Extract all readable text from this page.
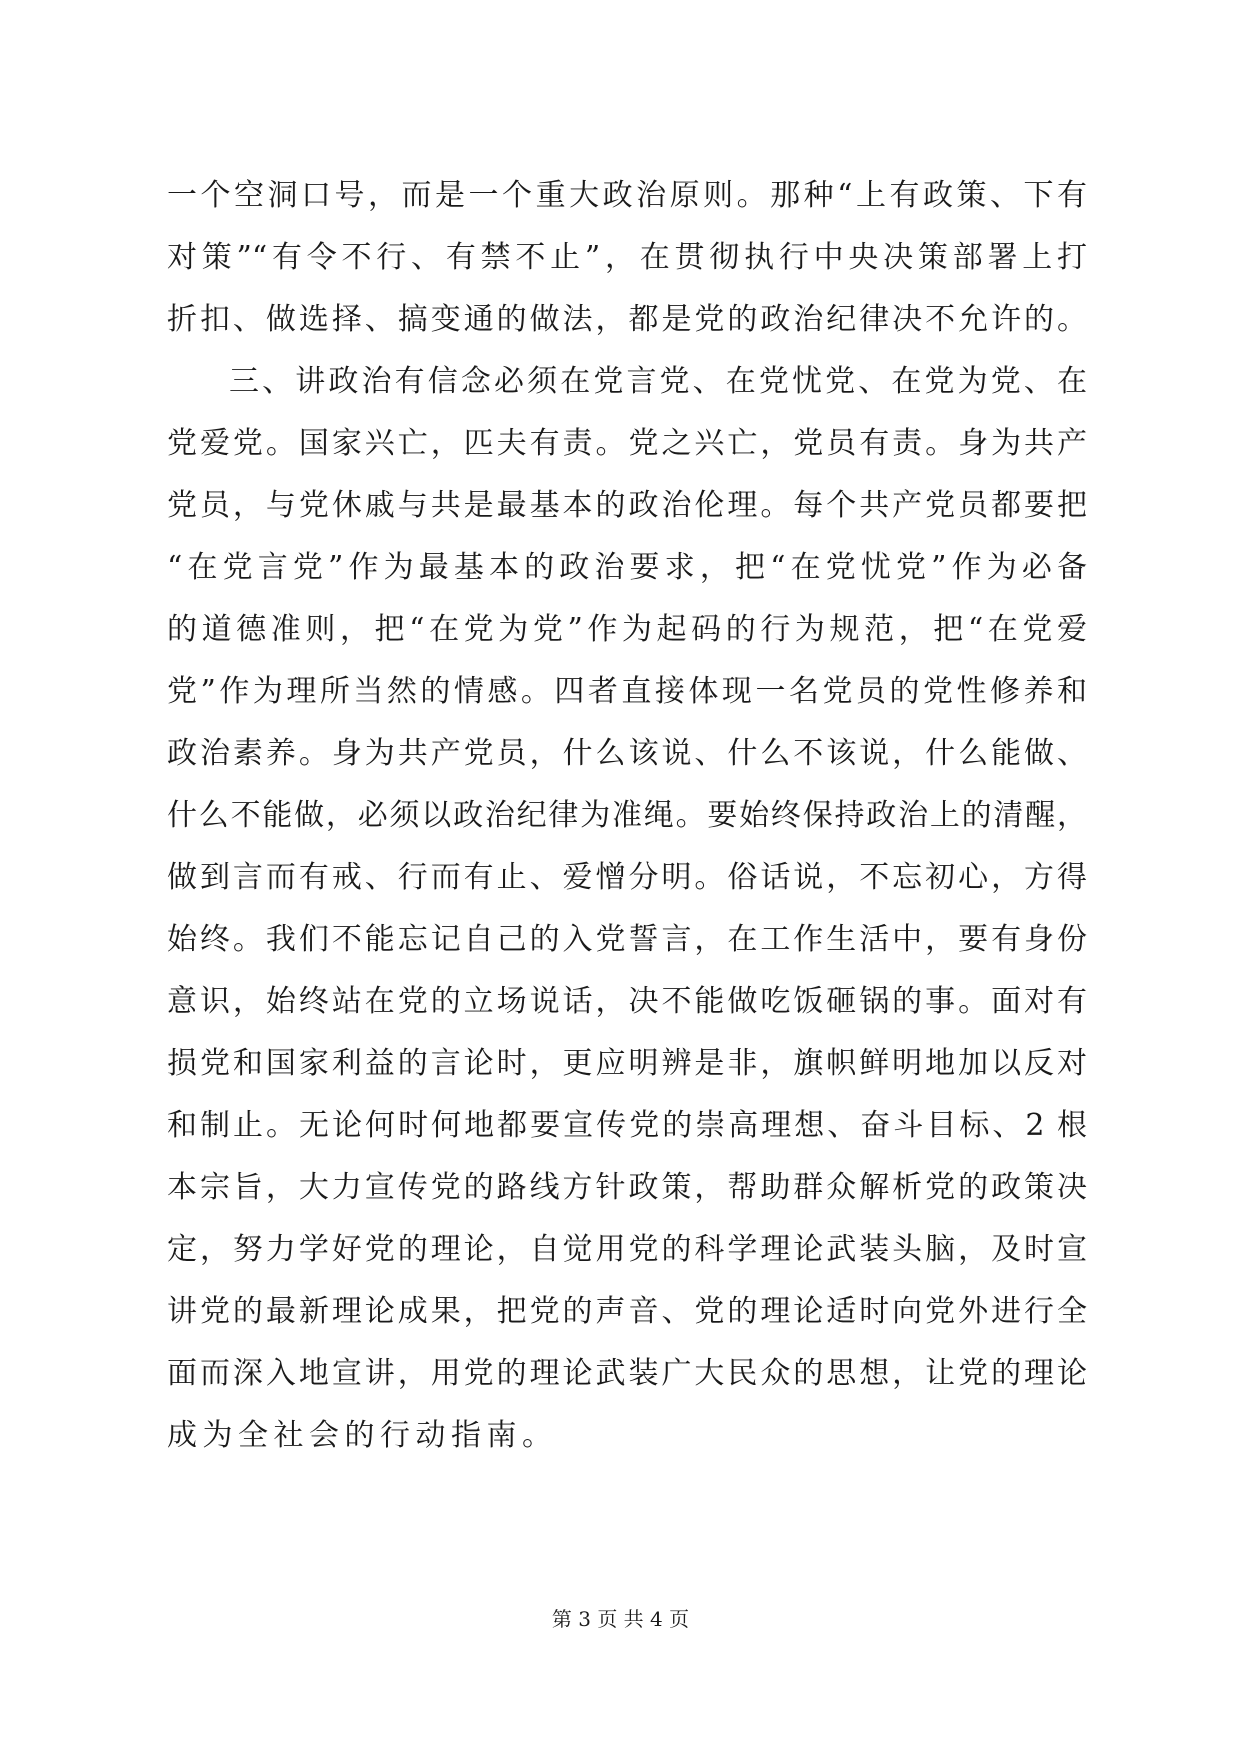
一个空洞口号，而是一个重大政治原则。那种“上有政策、下有
对策”“有令不行、有禁不止”，在贯彻执行中央决策部署上打
折扣、做选择、搞变通的做法，都是党的政治纪律决不允许的。
三、讲政治有信念必须在党言党、在党忧党、在党为党、在
党爱党。国家兴亡，匹夫有责。党之兴亡，党员有责。身为共产
党员，与党休戚与共是最基本的政治伦理。每个共产党员都要把
“在党言党”作为最基本的政治要求，把“在党忧党”作为必备
的道德准则，把“在党为党”作为起码的行为规范，把“在党爱
党”作为理所当然的情感。四者直接体现一名党员的党性修养和
政治素养。身为共产党员，什么该说、什么不该说，什么能做、
什么不能做，必须以政治纪律为准绳。要始终保持政治上的清醒，
做到言而有戒、行而有止、爱憎分明。俗话说，不忘初心，方得
始终。我们不能忘记自己的入党誓言，在工作生活中，要有身份
意识，始终站在党的立场说话，决不能做吃饭砸锅的事。面对有
损党和国家利益的言论时，更应明辨是非，旗帜鲜明地加以反对
和制止。无论何时何地都要宣传党的崇高理想、奋斗目标、2 根
本宗旨，大力宣传党的路线方针政策，帮助群众解析党的政策决
定，努力学好党的理论，自觉用党的科学理论武装头脑，及时宣
讲党的最新理论成果，把党的声音、党的理论适时向党外进行全
面而深入地宣讲，用党的理论武装广大民众的思想，让党的理论
成为全社会的行动指南。
第 3 页 共 4 页
